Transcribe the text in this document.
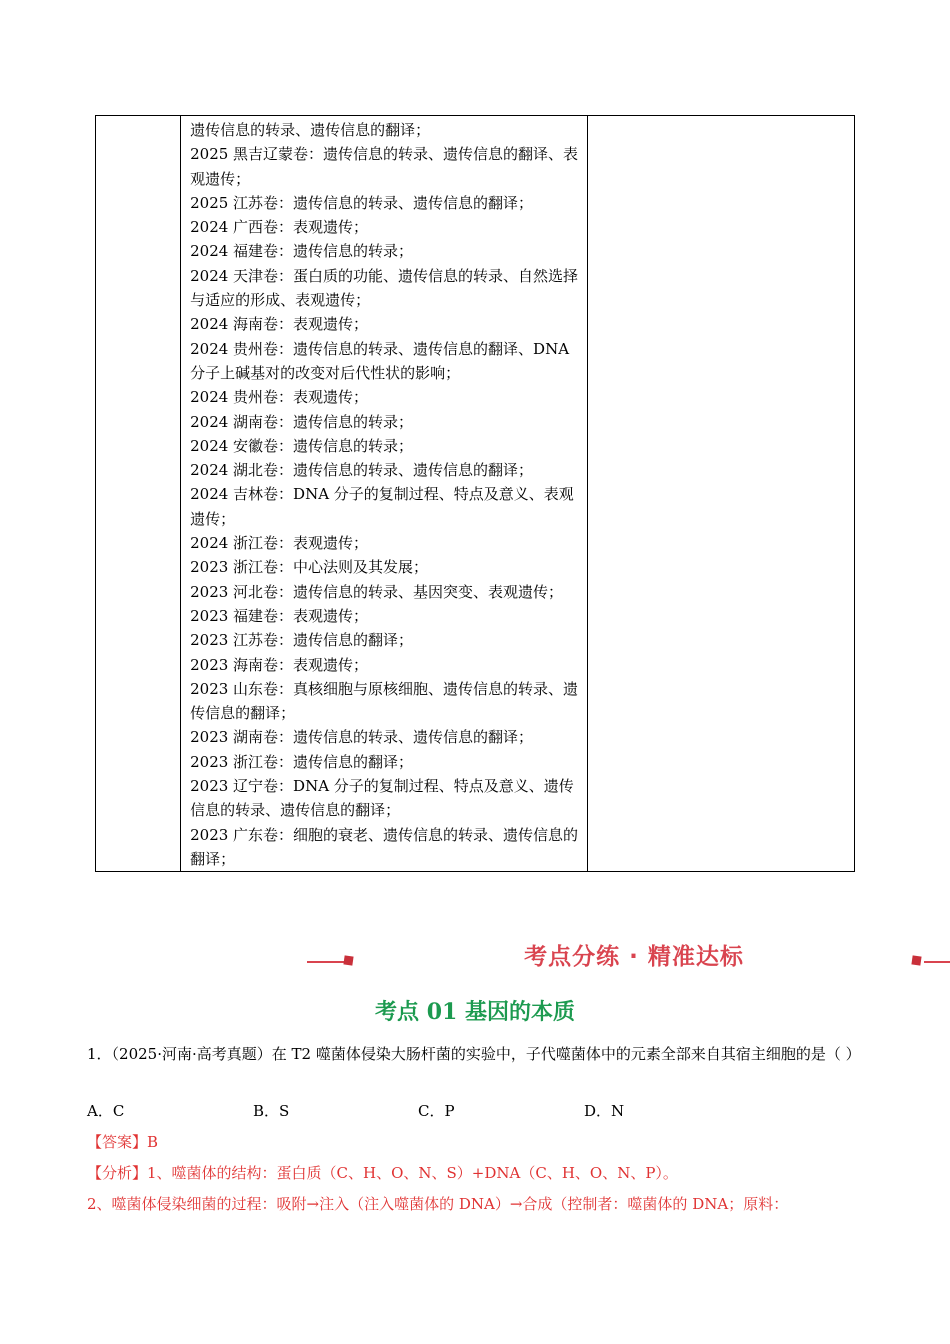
遗传信息的转录、遗传信息的翻译；
2025 黑吉辽蒙卷：遗传信息的转录、遗传信息的翻译、表观遗传；
2025 江苏卷：遗传信息的转录、遗传信息的翻译；
2024 广西卷：表观遗传；
2024 福建卷：遗传信息的转录；
2024 天津卷：蛋白质的功能、遗传信息的转录、自然选择与适应的形成、表观遗传；
2024 海南卷：表观遗传；
2024 贵州卷：遗传信息的转录、遗传信息的翻译、DNA 分子上碱基对的改变对后代性状的影响；
2024 贵州卷：表观遗传；
2024 湖南卷：遗传信息的转录；
2024 安徽卷：遗传信息的转录；
2024 湖北卷：遗传信息的转录、遗传信息的翻译；
2024 吉林卷：DNA 分子的复制过程、特点及意义、表观遗传；
2024 浙江卷：表观遗传；
2023 浙江卷：中心法则及其发展；
2023 河北卷：遗传信息的转录、基因突变、表观遗传；
2023 福建卷：表观遗传；
2023 江苏卷：遗传信息的翻译；
2023 海南卷：表观遗传；
2023 山东卷：真核细胞与原核细胞、遗传信息的转录、遗传信息的翻译；
2023 湖南卷：遗传信息的转录、遗传信息的翻译；
2023 浙江卷：遗传信息的翻译；
2023 辽宁卷：DNA 分子的复制过程、特点及意义、遗传信息的转录、遗传信息的翻译；
2023 广东卷：细胞的衰老、遗传信息的转录、遗传信息的翻译；

考点分练 · 精准达标
考点 01 基因的本质
1．（2025·河南·高考真题）在 T2 噬菌体侵染大肠杆菌的实验中，子代噬菌体中的元素全部来自其宿主细胞的是（ ）
A．C	B．S	C．P	D．N
【答案】B
【分析】1、噬菌体的结构：蛋白质（C、H、O、N、S）+DNA（C、H、O、N、P）。
2、噬菌体侵染细菌的过程：吸附→注入（注入噬菌体的 DNA）→合成（控制者：噬菌体的 DNA；原料：
